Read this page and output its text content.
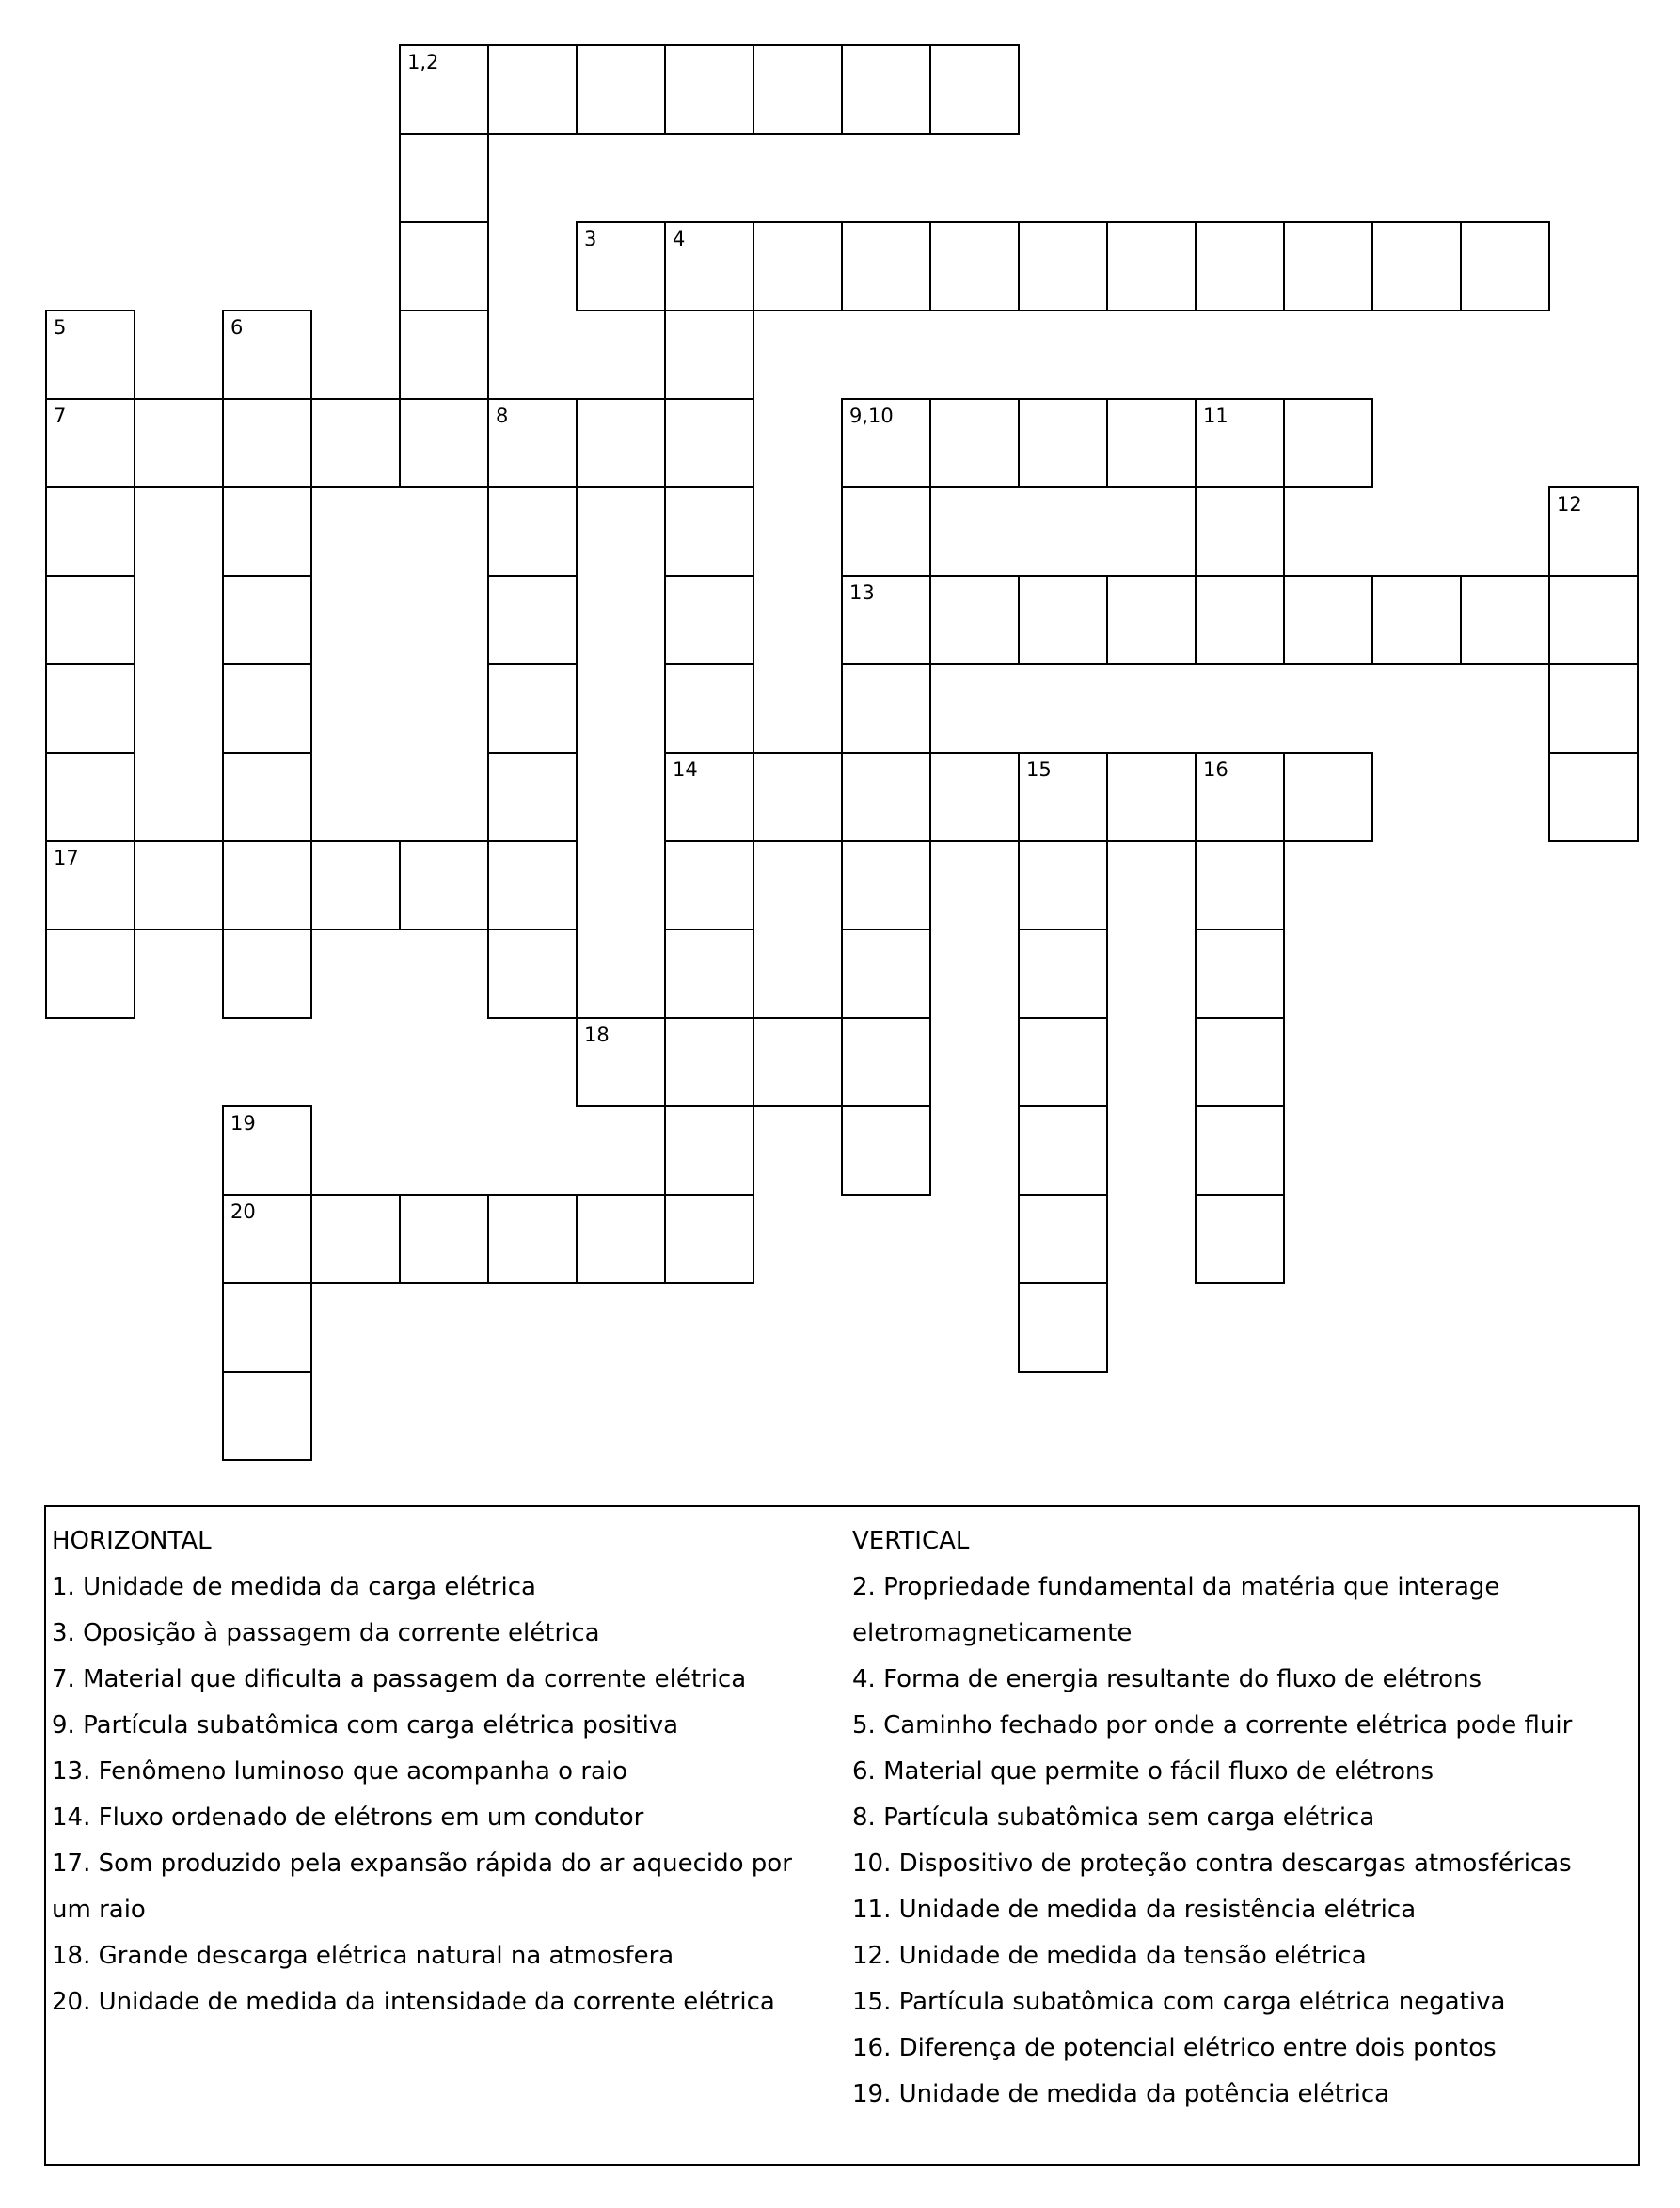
1,2
3	4
5	6
7	8	9,10	11
12
13
14	15	16
17
18
19
20
HORIZONTAL
1. Unidade de medida da carga elétrica
3. Oposição à passagem da corrente elétrica
7. Material que dificulta a passagem da corrente elétrica
9. Partícula subatômica com carga elétrica positiva
13. Fenômeno luminoso que acompanha o raio
14. Fluxo ordenado de elétrons em um condutor
17. Som produzido pela expansão rápida do ar aquecido por
um raio
18. Grande descarga elétrica natural na atmosfera
20. Unidade de medida da intensidade da corrente elétrica
VERTICAL
2. Propriedade fundamental da matéria que interage
eletromagneticamente
4. Forma de energia resultante do fluxo de elétrons
5. Caminho fechado por onde a corrente elétrica pode fluir
6. Material que permite o fácil fluxo de elétrons
8. Partícula subatômica sem carga elétrica
10. Dispositivo de proteção contra descargas atmosféricas
11. Unidade de medida da resistência elétrica
12. Unidade de medida da tensão elétrica
15. Partícula subatômica com carga elétrica negativa
16. Diferença de potencial elétrico entre dois pontos
19. Unidade de medida da potência elétrica
